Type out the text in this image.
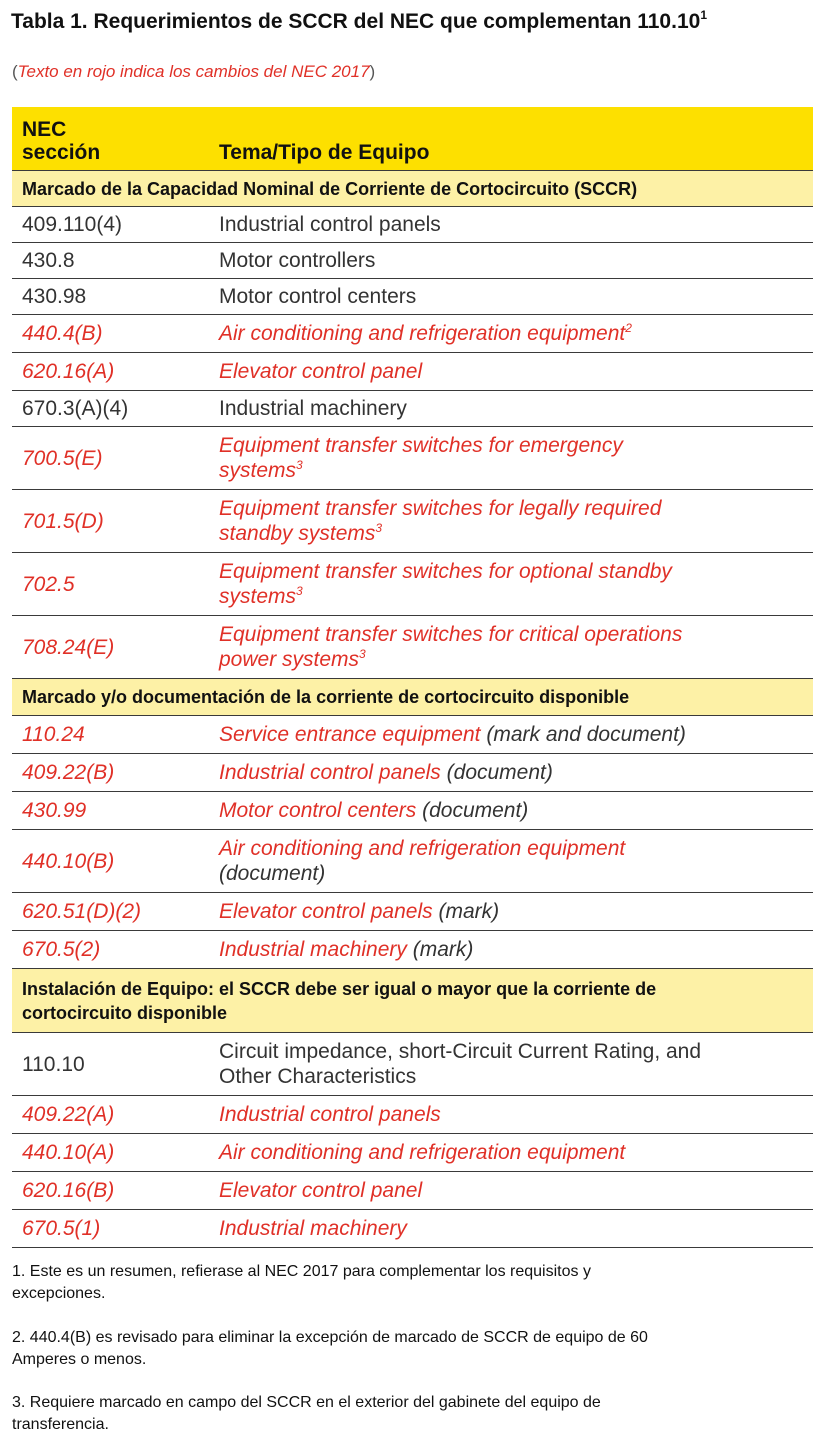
Tabla 1. Requerimientos de SCCR del NEC que complementan 110.10$^1$
(Texto en rojo indica los cambios del NEC 2017)
NEC
sección	Tema/Tipo de Equipo
Marcado de la Capacidad Nominal de Corriente de Cortocircuito (SCCR)	
409.110(4)	Industrial control panels
430.8	Motor controllers
430.98	Motor control centers
440.4(B)	Air conditioning and refrigeration equipment$^2$
620.16(A)	Elevator control panel
670.3(A)(4)	Industrial machinery
700.5(E)	Equipment transfer switches for emergency
systems$^3$
701.5(D)	Equipment transfer switches for legally required
standby systems$^3$
702.5	Equipment transfer switches for optional standby
systems$^3$
708.24(E)	Equipment transfer switches for critical operations
power systems$^3$
Marcado y/o documentación de la corriente de cortocircuito disponible	
110.24	Service entrance equipment (mark and document)
409.22(B)	Industrial control panels (document)
430.99	Motor control centers (document)
440.10(B)	Air conditioning and refrigeration equipment
(document)
620.51(D)(2)	Elevator control panels (mark)
670.5(2)	Industrial machinery (mark)
Instalación de Equipo: el SCCR debe ser igual o mayor que la corriente de
cortocircuito disponible	
110.10	Circuit impedance, short-Circuit Current Rating, and
Other Characteristics
409.22(A)	Industrial control panels
440.10(A)	Air conditioning and refrigeration equipment
620.16(B)	Elevator control panel
670.5(1)	Industrial machinery
1. Este es un resumen, refierase al NEC 2017 para complementar los requisitos y
excepciones.
2. 440.4(B) es revisado para eliminar la excepción de marcado de SCCR de equipo de 60
Amperes o menos.
3. Requiere marcado en campo del SCCR en el exterior del gabinete del equipo de
transferencia.
